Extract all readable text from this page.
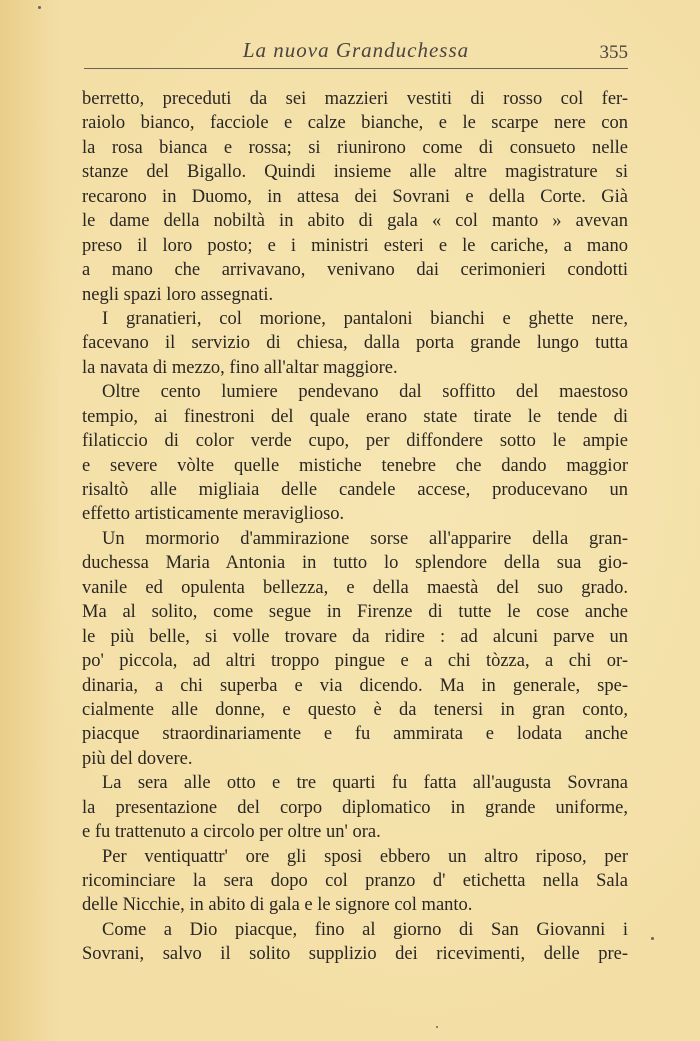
La nuova Granduchessa	355
berretto, preceduti da sei mazzieri vestiti di rosso col fer-
raiolo bianco, facciole e calze bianche, e le scarpe nere con
la rosa bianca e rossa; si riunirono come di consueto nelle
stanze del Bigallo. Quindi insieme alle altre magistrature si
recarono in Duomo, in attesa dei Sovrani e della Corte. Già
le dame della nobiltà in abito di gala « col manto » avevan
preso il loro posto; e i ministri esteri e le cariche, a mano
a mano che arrivavano, venivano dai cerimonieri condotti
negli spazi loro assegnati.
I granatieri, col morione, pantaloni bianchi e ghette nere,
facevano il servizio di chiesa, dalla porta grande lungo tutta
la navata di mezzo, fino all'altar maggiore.
Oltre cento lumiere pendevano dal soffitto del maestoso
tempio, ai finestroni del quale erano state tirate le tende di
filaticcio di color verde cupo, per diffondere sotto le ampie
e severe vòlte quelle mistiche tenebre che dando maggior
risaltò alle migliaia delle candele accese, producevano un
effetto artisticamente meraviglioso.
Un mormorio d'ammirazione sorse all'apparire della gran-
duchessa Maria Antonia in tutto lo splendore della sua gio-
vanile ed opulenta bellezza, e della maestà del suo grado.
Ma al solito, come segue in Firenze di tutte le cose anche
le più belle, si volle trovare da ridire : ad alcuni parve un
po' piccola, ad altri troppo pingue e a chi tòzza, a chi or-
dinaria, a chi superba e via dicendo. Ma in generale, spe-
cialmente alle donne, e questo è da tenersi in gran conto,
piacque straordinariamente e fu ammirata e lodata anche
più del dovere.
La sera alle otto e tre quarti fu fatta all'augusta Sovrana
la presentazione del corpo diplomatico in grande uniforme,
e fu trattenuto a circolo per oltre un' ora.
Per ventiquattr' ore gli sposi ebbero un altro riposo, per
ricominciare la sera dopo col pranzo d' etichetta nella Sala
delle Nicchie, in abito di gala e le signore col manto.
Come a Dio piacque, fino al giorno di San Giovanni i
Sovrani, salvo il solito supplizio dei ricevimenti, delle pre-
